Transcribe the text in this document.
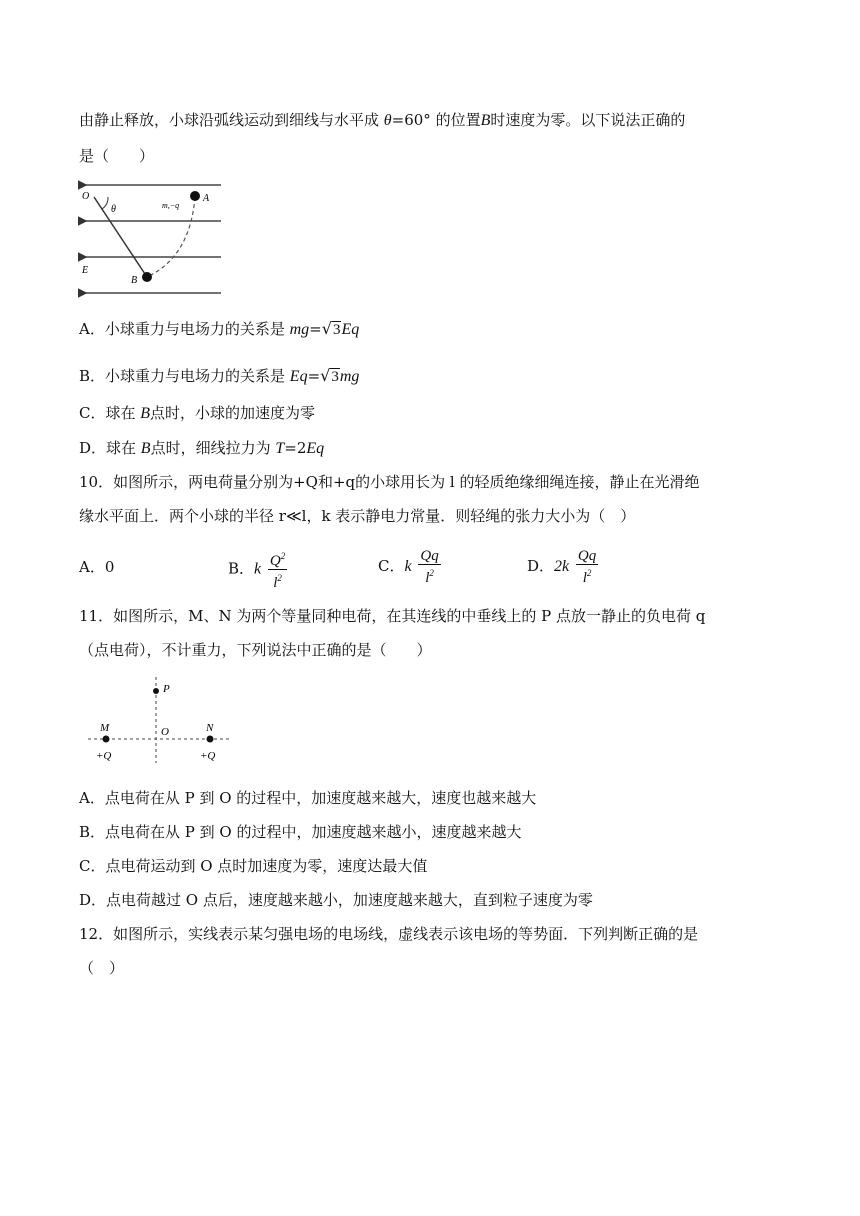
由静止释放，小球沿弧线运动到细线与水平成 θ=60° 的位置B时速度为零。以下说法正确的
是（　　）
O
θ	m,−q
A
E
B
A．小球重力与电场力的关系是 mg=√3Eq
B．小球重力与电场力的关系是 Eq=√3mg
C．球在 B点时，小球的加速度为零
D．球在 B点时，细线拉力为 T=2Eq
10．如图所示，两电荷量分别为+Q和+q的小球用长为 l 的轻质绝缘细绳连接，静止在光滑绝
缘水平面上．两个小球的半径 r≪l，k 表示静电力常量．则轻绳的张力大小为（　）
A．0	B．k $\frac{Q^2}{l^2}$	C．k $\frac{Qq}{l^2}$	D．$2k \frac{Qq}{l^2}$
11．如图所示，M、N 为两个等量同种电荷，在其连线的中垂线上的 P 点放一静止的负电荷 q
（点电荷），不计重力，下列说法中正确的是（　　）
P
M	O	N
+Q	+Q
A．点电荷在从 P 到 O 的过程中，加速度越来越大，速度也越来越大
B．点电荷在从 P 到 O 的过程中，加速度越来越小，速度越来越大
C．点电荷运动到 O 点时加速度为零，速度达最大值
D．点电荷越过 O 点后，速度越来越小，加速度越来越大，直到粒子速度为零
12．如图所示，实线表示某匀强电场的电场线，虚线表示该电场的等势面．下列判断正确的是
（　）
